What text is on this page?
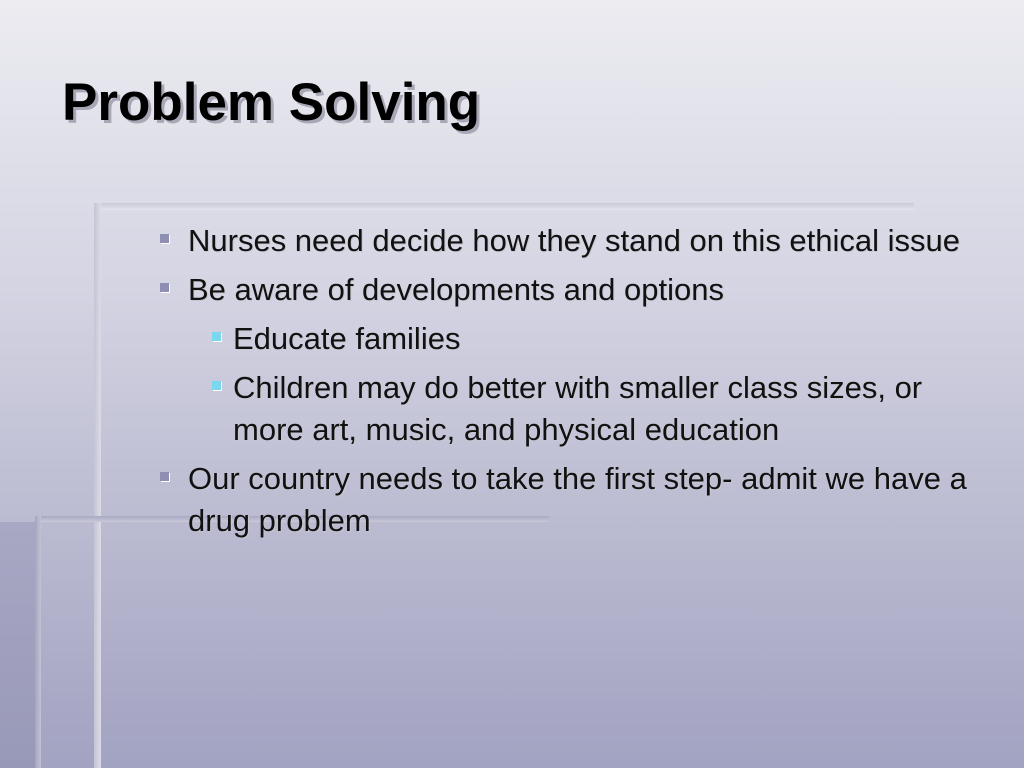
Problem Solving
Nurses need decide how they stand on this ethical issue
Be aware of developments and options
Educate families
Children may do better with smaller class sizes, or more art, music, and physical education
Our country needs to take the first step- admit we have a drug problem
